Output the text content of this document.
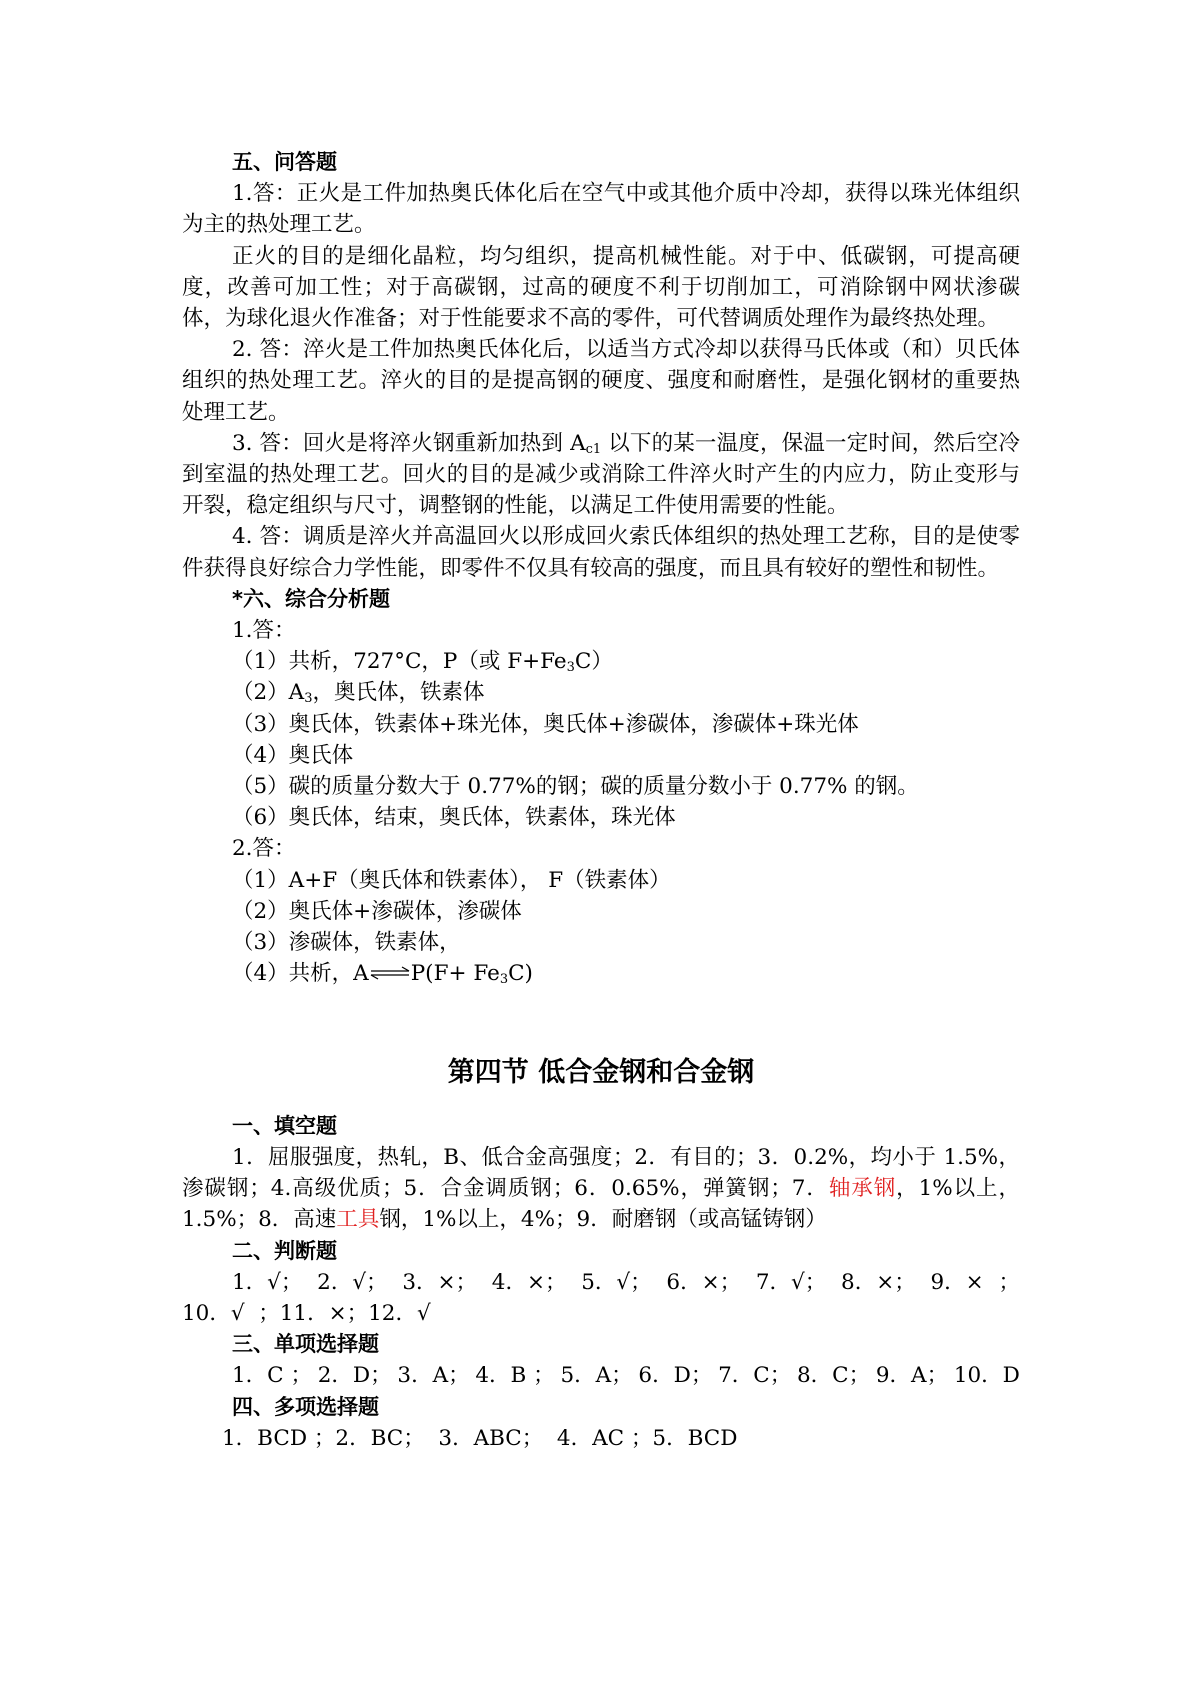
五、问答题
1.答：正火是工件加热奥氏体化后在空气中或其他介质中冷却，获得以珠光体组织为主的热处理工艺。
正火的目的是细化晶粒，均匀组织，提高机械性能。对于中、低碳钢，可提高硬度，改善可加工性；对于高碳钢，过高的硬度不利于切削加工，可消除钢中网状渗碳体，为球化退火作准备；对于性能要求不高的零件，可代替调质处理作为最终热处理。
2. 答：淬火是工件加热奥氏体化后，以适当方式冷却以获得马氏体或（和）贝氏体组织的热处理工艺。淬火的目的是提高钢的硬度、强度和耐磨性，是强化钢材的重要热处理工艺。
3. 答：回火是将淬火钢重新加热到 $A_{c1}$ 以下的某一温度，保温一定时间，然后空冷到室温的热处理工艺。回火的目的是减少或消除工件淬火时产生的内应力，防止变形与开裂，稳定组织与尺寸，调整钢的性能，以满足工件使用需要的性能。
4. 答：调质是淬火并高温回火以形成回火索氏体组织的热处理工艺称，目的是使零件获得良好综合力学性能，即零件不仅具有较高的强度，而且具有较好的塑性和韧性。
*六、综合分析题
1.答：
（1）共析，727°C，P（或 $F+Fe_3C$）
$(2)A_3$，奥氏体，铁素体
（3）奥氏体，铁素体+珠光体，奥氏体+渗碳体，渗碳体+珠光体
（4）奥氏体
（5）碳的质量分数大于 0.77%的钢；碳的质量分数小于 0.77% 的钢。
（6）奥氏体，结束，奥氏体，铁素体，珠光体
2.答：
（1）A+F（奥氏体和铁素体）， F（铁素体）
（2）奥氏体+渗碳体，渗碳体
（3）渗碳体，铁素体，
（4）共析，A $P(F+ Fe_3C)$
第四节 低合金钢和合金钢
一、填空题
1．屈服强度，热轧，B、低合金高强度；2．有目的；3．0.2%，均小于 1.5%，渗碳钢；4.高级优质；5．合金调质钢；6．0.65%，弹簧钢；7．轴承钢，1%以上，1.5%；8．高速工具钢，1%以上，4%；9．耐磨钢（或高锰铸钢）
二、判断题
1．√； 2．√； 3．×； 4．×； 5．√； 6．×； 7．√； 8．×； 9．× ；
10．√  ；11．×；12．√
三、单项选择题
1．C ； 2．D； 3．A； 4．B ； 5．A； 6．D； 7．C； 8．C； 9．A； 10．D
四、多项选择题
1．BCD ；2．BC；  3．ABC；  4．AC ；5．BCD
